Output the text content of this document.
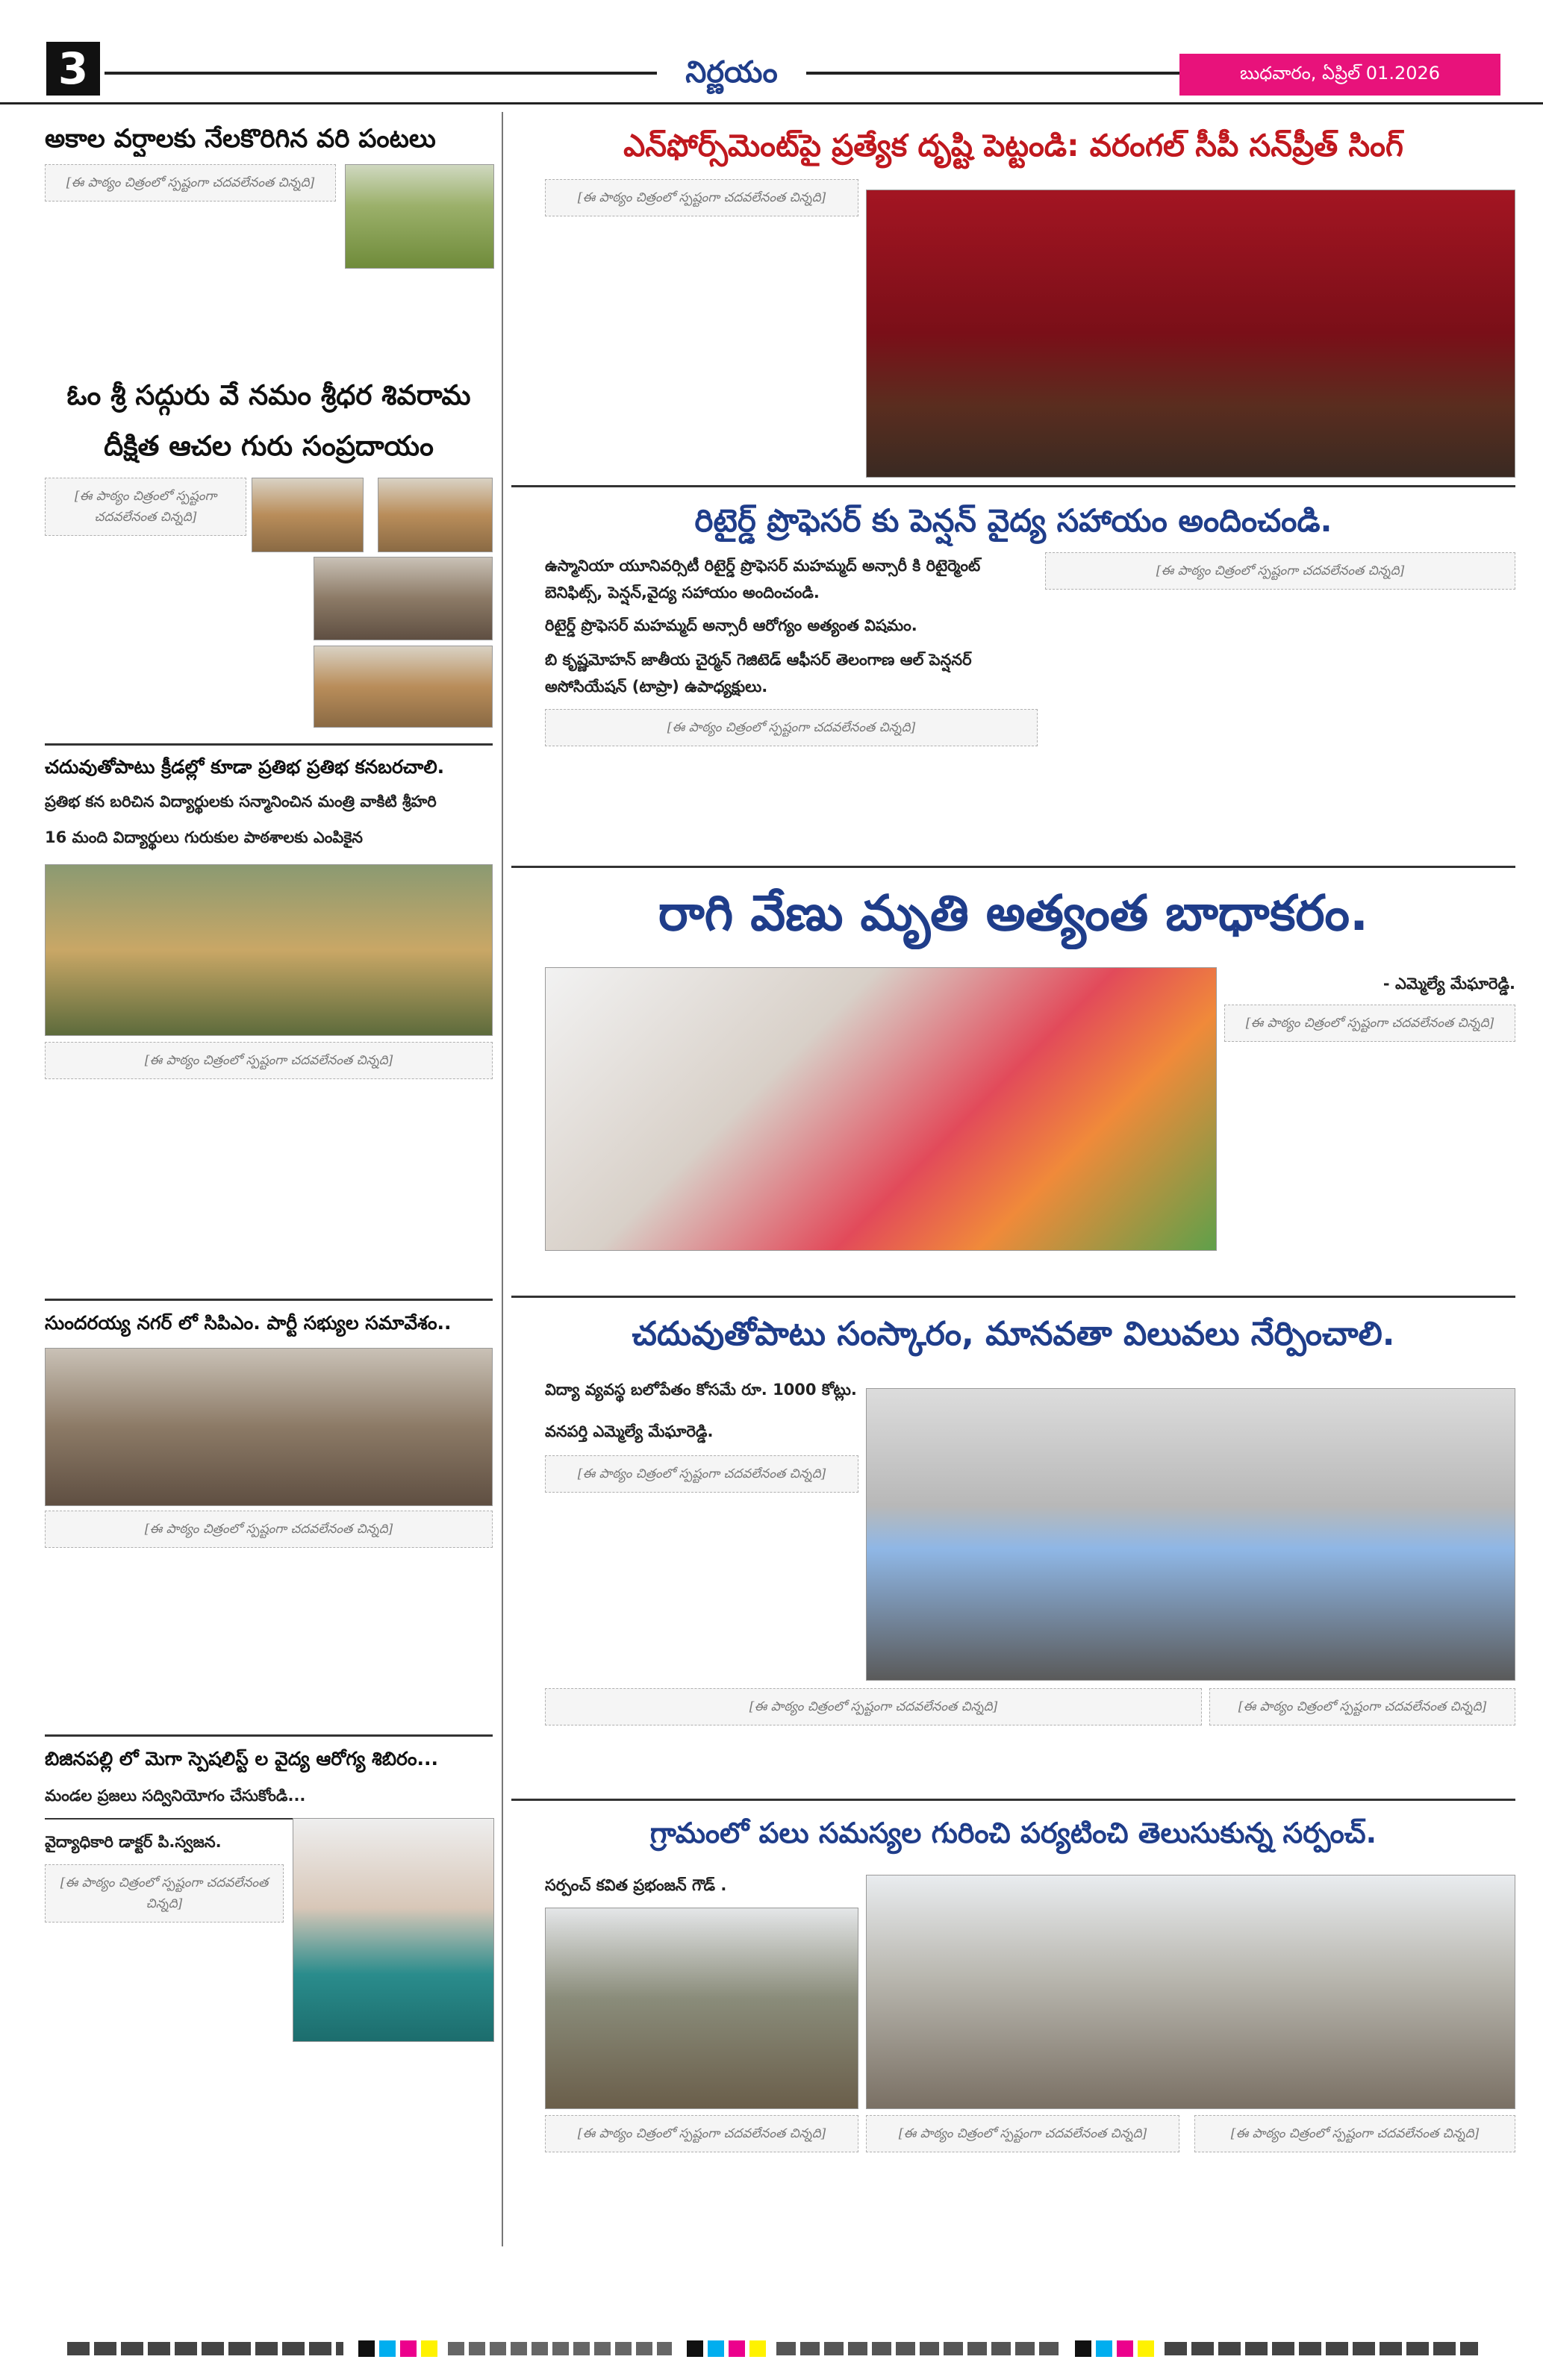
3	నిర్ణయం	బుధవారం, ఏప్రిల్ 01.2026
అకాల వర్షాలకు నేలకొరిగిన వరి పంటలు

[ఈ పాఠ్యం చిత్రంలో స్పష్టంగా చదవలేనంత చిన్నది]

ఓం శ్రీ సద్గురు వే నమం శ్రీధర శివరామ
దీక్షిత ఆచల గురు సంప్రదాయం

[ఈ పాఠ్యం చిత్రంలో స్పష్టంగా చదవలేనంత చిన్నది]

చదువుతోపాటు క్రీడల్లో కూడా ప్రతిభ ప్రతిభ కనబరచాలి.
ప్రతిభ కన బరిచిన విద్యార్థులకు సన్మానించిన మంత్రి వాకిటి శ్రీహరి
16 మంది విద్యార్థులు గురుకుల పాఠశాలకు ఎంపికైన

[ఈ పాఠ్యం చిత్రంలో స్పష్టంగా చదవలేనంత చిన్నది]

సుందరయ్య నగర్ లో సిపిఎం. పార్టీ సభ్యుల సమావేశం..

[ఈ పాఠ్యం చిత్రంలో స్పష్టంగా చదవలేనంత చిన్నది]

బిజినపల్లి లో మెగా స్పెషలిస్ట్ ల వైద్య ఆరోగ్య శిబిరం...
మండల ప్రజలు సద్వినియోగం చేసుకోండి...
వైద్యాధికారి డాక్టర్ పి.స్వజన.

[ఈ పాఠ్యం చిత్రంలో స్పష్టంగా చదవలేనంత చిన్నది]

ఎన్‌ఫోర్స్‌మెంట్‌పై ప్రత్యేక దృష్టి పెట్టండి: వరంగల్ సీపీ సన్‌ప్రీత్ సింగ్

[ఈ పాఠ్యం చిత్రంలో స్పష్టంగా చదవలేనంత చిన్నది]

రిటైర్డ్ ప్రొఫెసర్ కు పెన్షన్ వైద్య సహాయం అందించండి.
ఉస్మానియా యూనివర్సిటీ రిటైర్డ్ ప్రొఫెసర్ మహమ్మద్ అన్సారీ కి రిటైర్మెంట్ బెనిఫిట్స్, పెన్షన్,వైద్య సహాయం అందించండి.
రిటైర్డ్ ప్రొఫెసర్ మహమ్మద్ అన్సారీ ఆరోగ్యం అత్యంత విషమం.
బి కృష్ణమోహన్ జాతీయ చైర్మన్ గెజిటెడ్ ఆఫీసర్ తెలంగాణ ఆల్ పెన్షనర్ అసోసియేషన్ (టాప్రా) ఉపాధ్యక్షులు.

[ఈ పాఠ్యం చిత్రంలో స్పష్టంగా చదవలేనంత చిన్నది]

[ఈ పాఠ్యం చిత్రంలో స్పష్టంగా చదవలేనంత చిన్నది]

రాగి వేణు మృతి అత్యంత బాధాకరం.
- ఎమ్మెల్యే మేఘారెడ్డి.

[ఈ పాఠ్యం చిత్రంలో స్పష్టంగా చదవలేనంత చిన్నది]

చదువుతోపాటు సంస్కారం, మానవతా విలువలు నేర్పించాలి.
విద్యా వ్యవస్థ బలోపేతం కోసమే రూ. 1000 కోట్లు.
వనపర్తి ఎమ్మెల్యే మేఘారెడ్డి.

[ఈ పాఠ్యం చిత్రంలో స్పష్టంగా చదవలేనంత చిన్నది]

[ఈ పాఠ్యం చిత్రంలో స్పష్టంగా చదవలేనంత చిన్నది]	[ఈ పాఠ్యం చిత్రంలో స్పష్టంగా చదవలేనంత చిన్నది]

గ్రామంలో పలు సమస్యల గురించి పర్యటించి తెలుసుకున్న సర్పంచ్.
సర్పంచ్ కవిత ప్రభంజన్ గౌడ్ .

[ఈ పాఠ్యం చిత్రంలో స్పష్టంగా చదవలేనంత చిన్నది]	[ఈ పాఠ్యం చిత్రంలో స్పష్టంగా చదవలేనంత చిన్నది]	[ఈ పాఠ్యం చిత్రంలో స్పష్టంగా చదవలేనంత చిన్నది]
